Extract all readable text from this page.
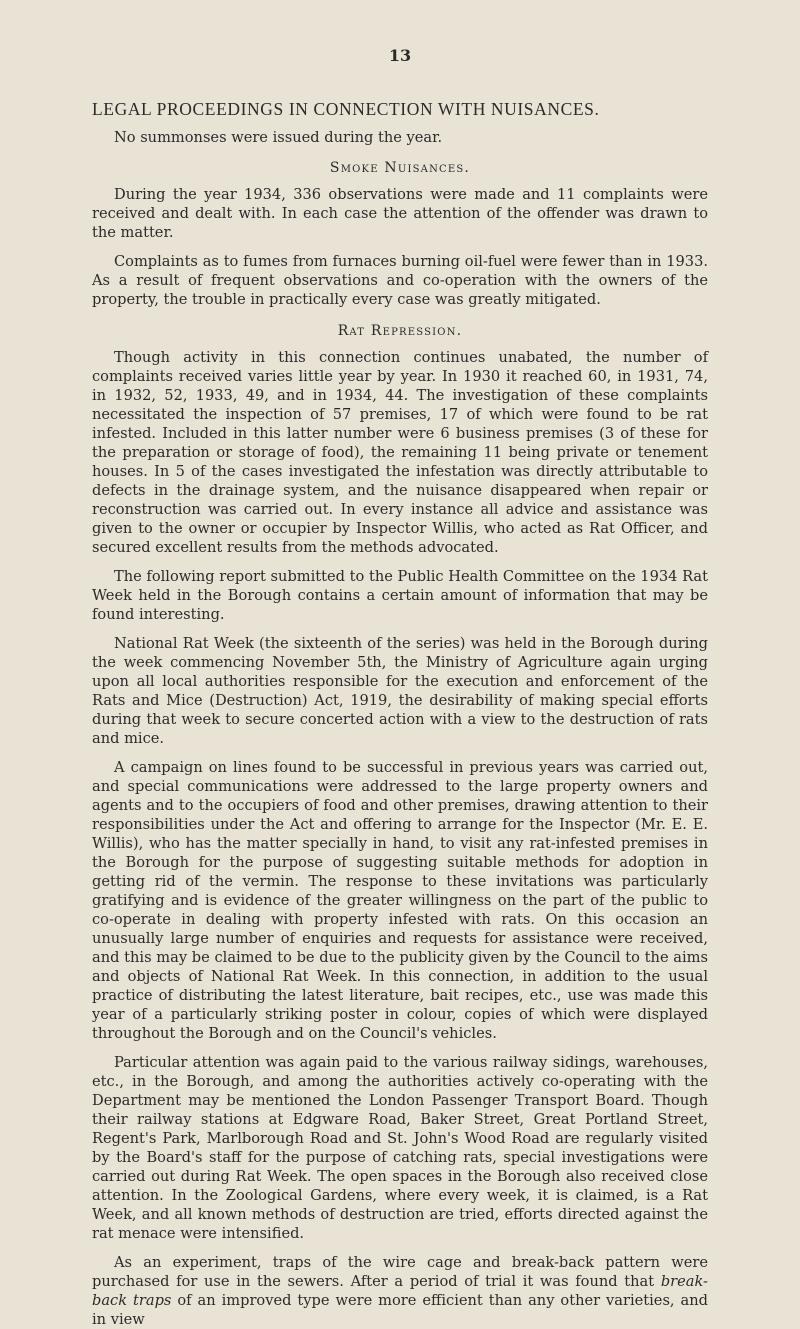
13
LEGAL PROCEEDINGS IN CONNECTION WITH NUISANCES.

No summonses were issued during the year.

Smoke Nuisances.

During the year 1934, 336 observations were made and 11 complaints were received and dealt with. In each case the attention of the offender was drawn to the matter.

Complaints as to fumes from furnaces burning oil-fuel were fewer than in 1933. As a result of frequent observations and co-operation with the owners of the property, the trouble in practically every case was greatly mitigated.

Rat Repression.

Though activity in this connection continues unabated, the number of complaints received varies little year by year. In 1930 it reached 60, in 1931, 74, in 1932, 52, 1933, 49, and in 1934, 44. The investigation of these complaints necessitated the inspection of 57 premises, 17 of which were found to be rat infested. Included in this latter number were 6 business premises (3 of these for the preparation or storage of food), the remaining 11 being private or tenement houses. In 5 of the cases investigated the infestation was directly attributable to defects in the drainage system, and the nuisance disappeared when repair or reconstruction was carried out. In every instance all advice and assistance was given to the owner or occupier by Inspector Willis, who acted as Rat Officer, and secured excellent results from the methods advocated.

The following report submitted to the Public Health Committee on the 1934 Rat Week held in the Borough contains a certain amount of information that may be found interesting.

National Rat Week (the sixteenth of the series) was held in the Borough during the week commencing November 5th, the Ministry of Agriculture again urging upon all local authorities responsible for the execution and enforcement of the Rats and Mice (Destruction) Act, 1919, the desirability of making special efforts during that week to secure concerted action with a view to the destruction of rats and mice.

A campaign on lines found to be successful in previous years was carried out, and special communications were addressed to the large property owners and agents and to the occupiers of food and other premises, drawing attention to their responsibilities under the Act and offering to arrange for the Inspector (Mr. E. E. Willis), who has the matter specially in hand, to visit any rat-infested premises in the Borough for the purpose of suggesting suitable methods for adoption in getting rid of the vermin. The response to these invitations was particularly gratifying and is evidence of the greater willingness on the part of the public to co-operate in dealing with property infested with rats. On this occasion an unusually large number of enquiries and requests for assistance were received, and this may be claimed to be due to the publicity given by the Council to the aims and objects of National Rat Week. In this connection, in addition to the usual practice of distributing the latest literature, bait recipes, etc., use was made this year of a particularly striking poster in colour, copies of which were displayed throughout the Borough and on the Council's vehicles.

Particular attention was again paid to the various railway sidings, warehouses, etc., in the Borough, and among the authorities actively co-operating with the Department may be mentioned the London Passenger Transport Board. Though their railway stations at Edgware Road, Baker Street, Great Portland Street, Regent's Park, Marlborough Road and St. John's Wood Road are regularly visited by the Board's staff for the purpose of catching rats, special investigations were carried out during Rat Week. The open spaces in the Borough also received close attention. In the Zoological Gardens, where every week, it is claimed, is a Rat Week, and all known methods of destruction are tried, efforts directed against the rat menace were intensified.

As an experiment, traps of the wire cage and break-back pattern were purchased for use in the sewers. After a period of trial it was found that break-back traps of an improved type were more efficient than any other varieties, and in view
